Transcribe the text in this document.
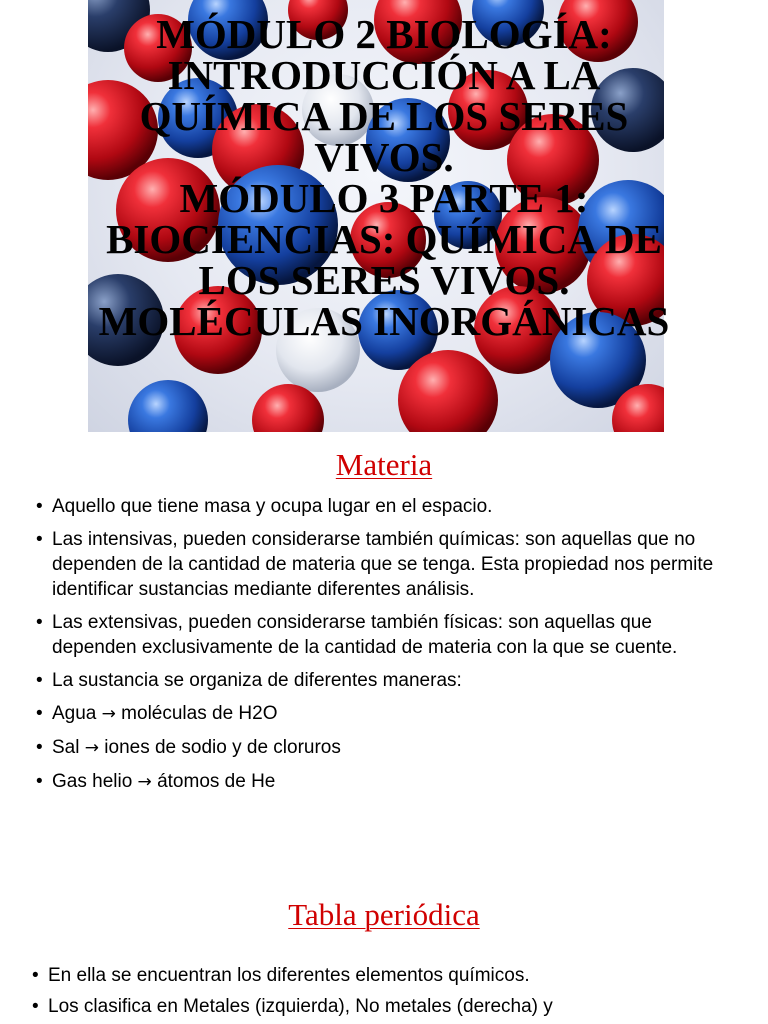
MÓDULO 2 BIOLOGÍA:
INTRODUCCIÓN A LA
QUÍMICA DE LOS SERES
VIVOS.
MÓDULO 3 PARTE 1:
BIOCIENCIAS: QUÍMICA DE
LOS SERES VIVOS.
MOLÉCULAS INORGÁNICAS
Materia
• Aquello que tiene masa y ocupa lugar en el espacio.
• Las intensivas, pueden considerarse también químicas: son aquellas que no dependen de la cantidad de materia que se tenga. Esta propiedad nos permite identificar sustancias mediante diferentes análisis.
• Las extensivas, pueden considerarse también físicas: son aquellas que dependen exclusivamente de la cantidad de materia con la que se cuente.
• La sustancia se organiza de diferentes maneras:
• Agua → moléculas de H2O
• Sal → iones de sodio y de cloruros
• Gas helio → átomos de He
Tabla periódica
• En ella se encuentran los diferentes elementos químicos.
• Los clasifica en Metales (izquierda), No metales (derecha) y
